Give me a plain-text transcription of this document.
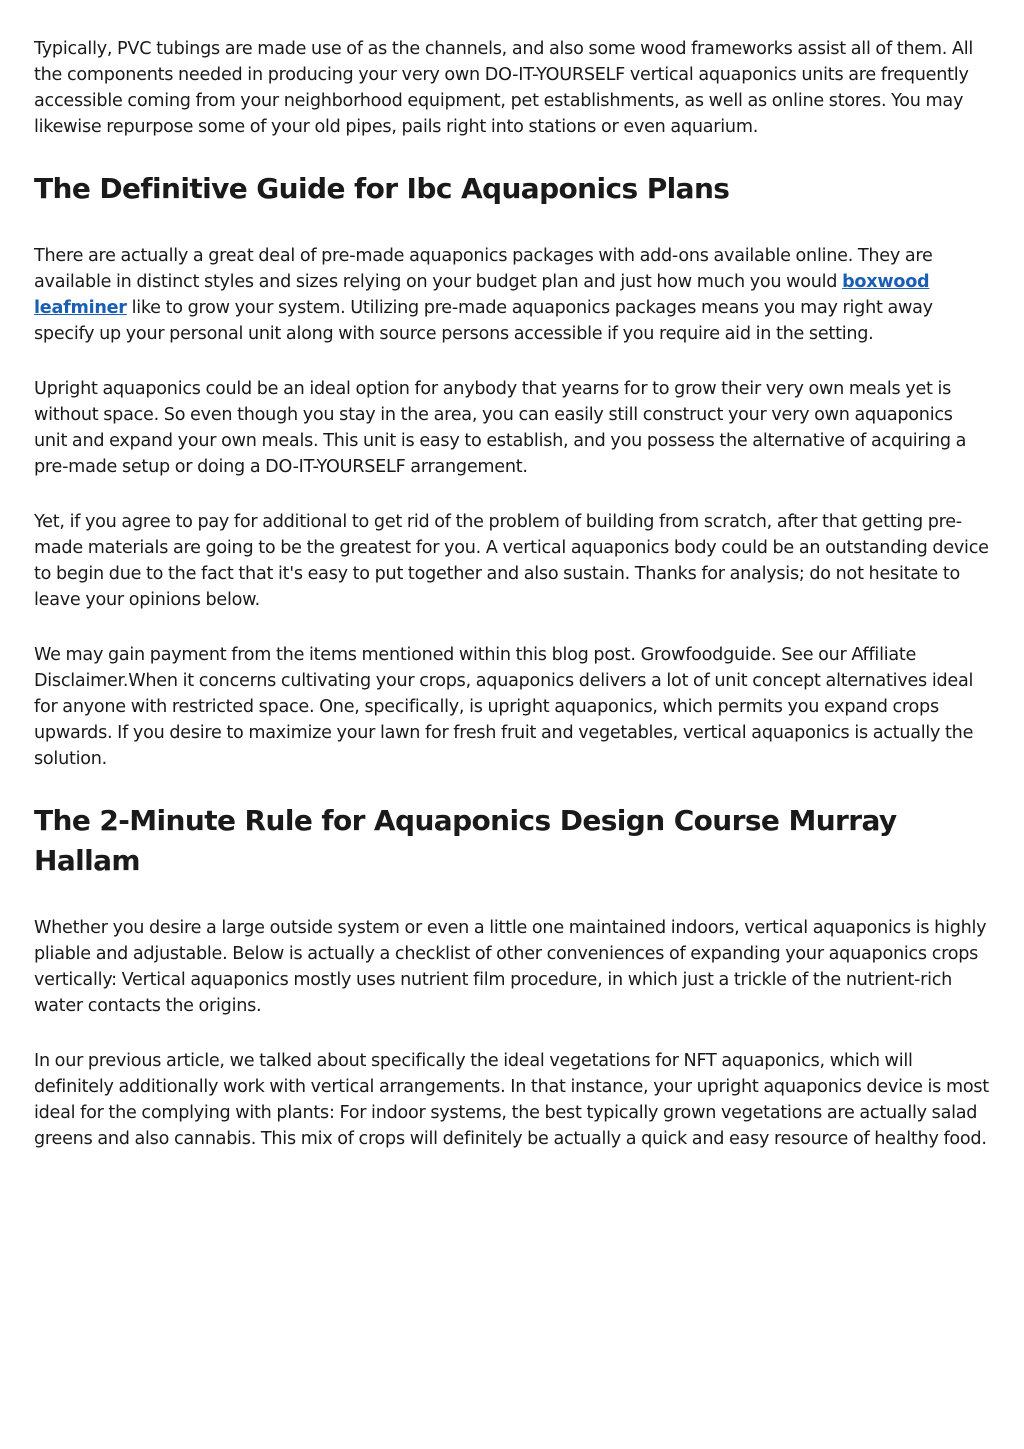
Typically, PVC tubings are made use of as the channels, and also some wood frameworks assist all of them. All the components needed in producing your very own DO-IT-YOURSELF vertical aquaponics units are frequently accessible coming from your neighborhood equipment, pet establishments, as well as online stores. You may likewise repurpose some of your old pipes, pails right into stations or even aquarium.

The Definitive Guide for Ibc Aquaponics Plans

There are actually a great deal of pre-made aquaponics packages with add-ons available online. They are available in distinct styles and sizes relying on your budget plan and just how much you would boxwood leafminer like to grow your system. Utilizing pre-made aquaponics packages means you may right away specify up your personal unit along with source persons accessible if you require aid in the setting.

Upright aquaponics could be an ideal option for anybody that yearns for to grow their very own meals yet is without space. So even though you stay in the area, you can easily still construct your very own aquaponics unit and expand your own meals. This unit is easy to establish, and you possess the alternative of acquiring a pre-made setup or doing a DO-IT-YOURSELF arrangement.

Yet, if you agree to pay for additional to get rid of the problem of building from scratch, after that getting pre-made materials are going to be the greatest for you. A vertical aquaponics body could be an outstanding device to begin due to the fact that it's easy to put together and also sustain. Thanks for analysis; do not hesitate to leave your opinions below.

We may gain payment from the items mentioned within this blog post. Growfoodguide. See our Affiliate Disclaimer.When it concerns cultivating your crops, aquaponics delivers a lot of unit concept alternatives ideal for anyone with restricted space. One, specifically, is upright aquaponics, which permits you expand crops upwards. If you desire to maximize your lawn for fresh fruit and vegetables, vertical aquaponics is actually the solution.

The 2-Minute Rule for Aquaponics Design Course Murray Hallam

Whether you desire a large outside system or even a little one maintained indoors, vertical aquaponics is highly pliable and adjustable. Below is actually a checklist of other conveniences of expanding your aquaponics crops vertically: Vertical aquaponics mostly uses nutrient film procedure, in which just a trickle of the nutrient-rich water contacts the origins.

In our previous article, we talked about specifically the ideal vegetations for NFT aquaponics, which will definitely additionally work with vertical arrangements. In that instance, your upright aquaponics device is most ideal for the complying with plants: For indoor systems, the best typically grown vegetations are actually salad greens and also cannabis. This mix of crops will definitely be actually a quick and easy resource of healthy food.
